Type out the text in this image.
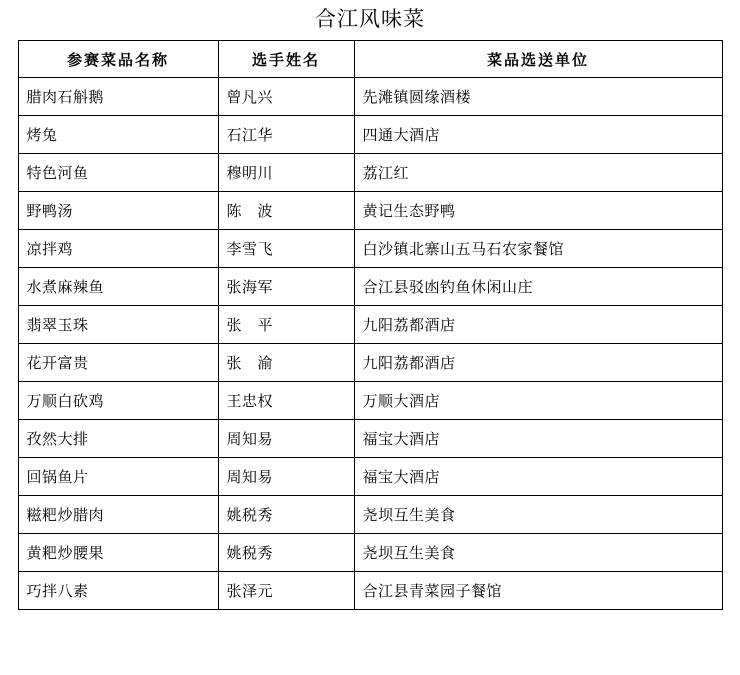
合江风味菜
参赛菜品名称	选手姓名	菜品选送单位
腊肉石斛鹅	曾凡兴	先滩镇圆缘酒楼
烤兔	石江华	四通大酒店
特色河鱼	穆明川	荔江红
野鸭汤	陈　波	黄记生态野鸭
凉拌鸡	李雪飞	白沙镇北寨山五马石农家餐馆
水煮麻辣鱼	张海军	合江县驳凼钓鱼休闲山庄
翡翠玉珠	张　平	九阳荔都酒店
花开富贵	张　渝	九阳荔都酒店
万顺白砍鸡	王忠权	万顺大酒店
孜然大排	周知易	福宝大酒店
回锅鱼片	周知易	福宝大酒店
糍粑炒腊肉	姚税秀	尧坝互生美食
黄粑炒腰果	姚税秀	尧坝互生美食
巧拌八素	张泽元	合江县青菜园子餐馆
